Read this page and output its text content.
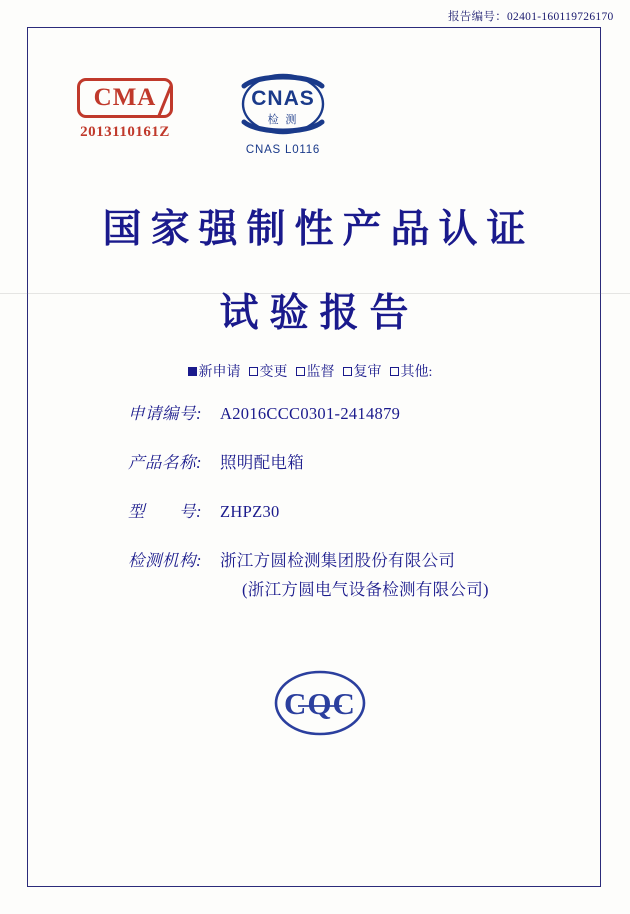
报告编号：02401-160119726170
CMA
2013110161Z
CNAS
检 测
CNAS L0116
国家强制性产品认证
试验报告
新申请 变更 监督 复审 其他:
申请编号:	A2016CCC0301-2414879
产品名称:	照明配电箱
型　　号:	ZHPZ30
检测机构:	浙江方圆检测集团股份有限公司
(浙江方圆电气设备检测有限公司)
CQC
